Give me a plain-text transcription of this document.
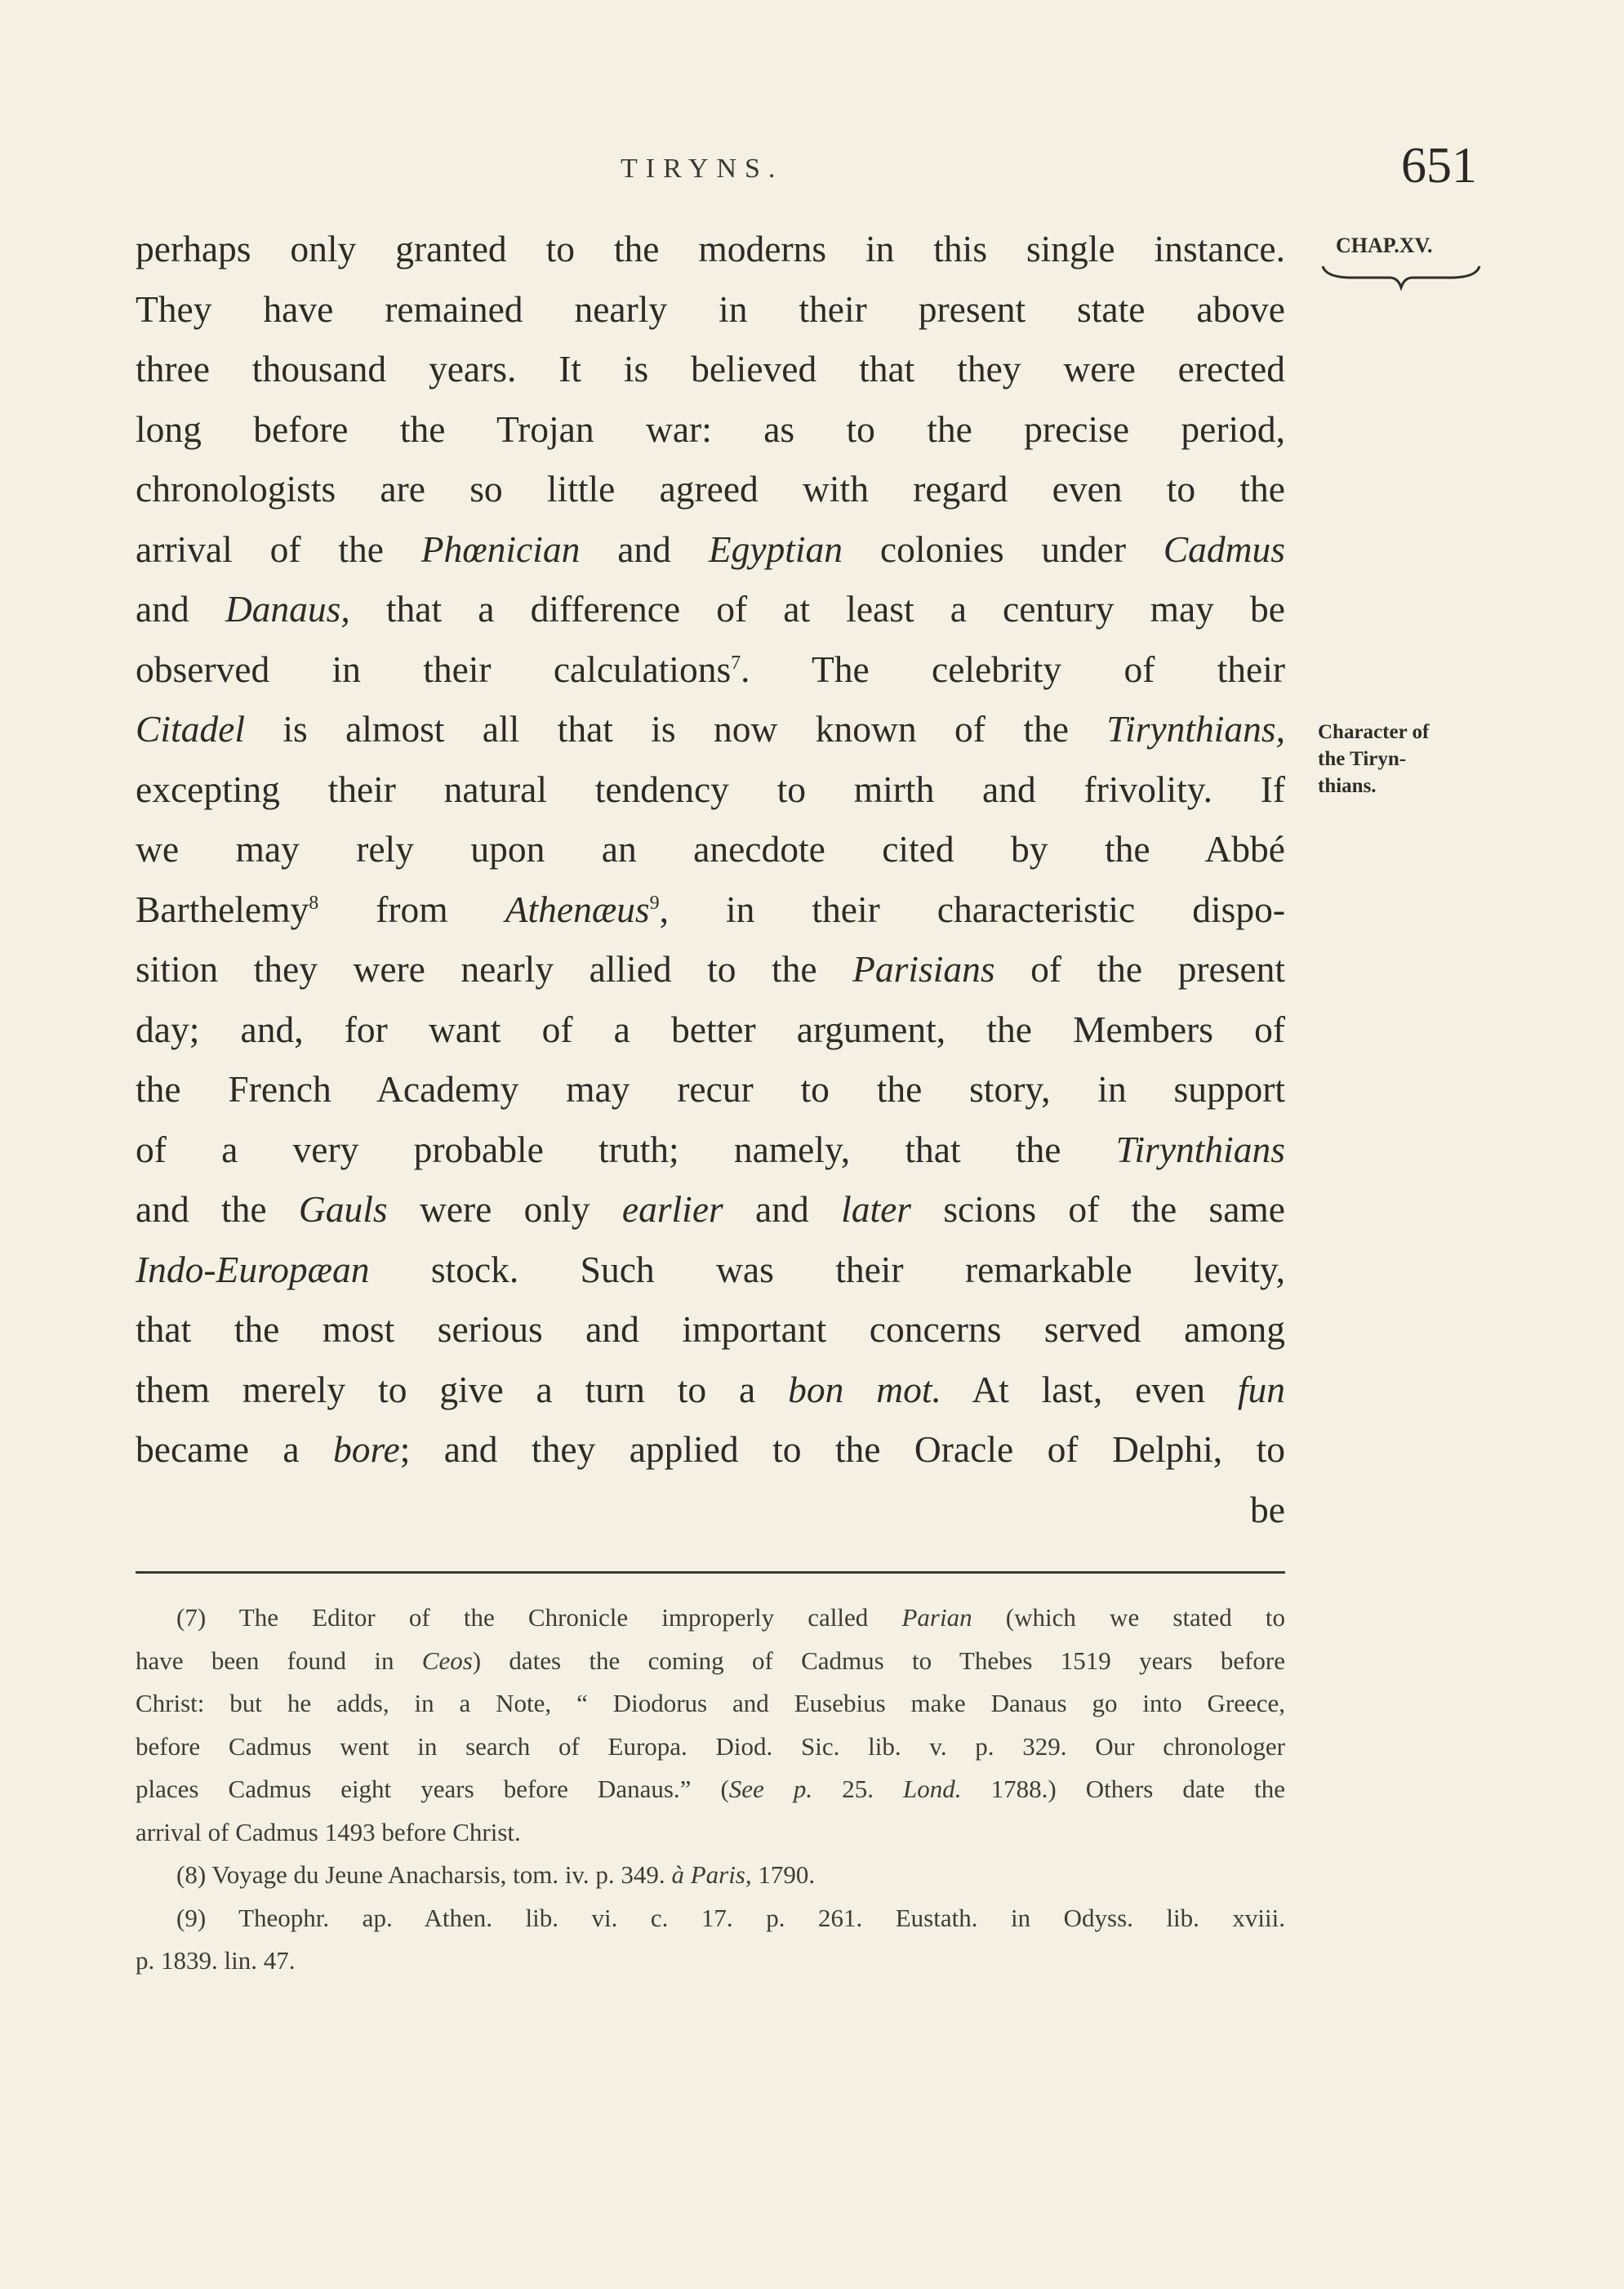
TIRYNS.	651
CHAP.XV.
Character of
the Tiryn-
thians.
perhaps only granted to the moderns in this single instance.
They have remained nearly in their present state above
three thousand years. It is believed that they were erected
long before the Trojan war: as to the precise period,
chronologists are so little agreed with regard even to the
arrival of the Phœnician and Egyptian colonies under Cadmus
and Danaus, that a difference of at least a century may be
observed in their calculations$^7$. The celebrity of their
Citadel is almost all that is now known of the Tirynthians,
excepting their natural tendency to mirth and frivolity. If
we may rely upon an anecdote cited by the Abbé
Barthelemy$^8$ from Athenæus$^9$, in their characteristic dispo-
sition they were nearly allied to the Parisians of the present
day; and, for want of a better argument, the Members of
the French Academy may recur to the story, in support
of a very probable truth; namely, that the Tirynthians
and the Gauls were only earlier and later scions of the same
Indo-Europæan stock. Such was their remarkable levity,
that the most serious and important concerns served among
them merely to give a turn to a bon mot. At last, even fun
became a bore; and they applied to the Oracle of Delphi, to
be
(7) The Editor of the Chronicle improperly called Parian (which we stated to
have been found in Ceos) dates the coming of Cadmus to Thebes 1519 years before
Christ: but he adds, in a Note, “ Diodorus and Eusebius make Danaus go into Greece,
before Cadmus went in search of Europa. Diod. Sic. lib. v. p. 329. Our chronologer
places Cadmus eight years before Danaus.” (See p. 25. Lond. 1788.) Others date the
arrival of Cadmus 1493 before Christ.
(8) Voyage du Jeune Anacharsis, tom. iv. p. 349. à Paris, 1790.
(9) Theophr. ap. Athen. lib. vi. c. 17. p. 261. Eustath. in Odyss. lib. xviii.
p. 1839. lin. 47.
